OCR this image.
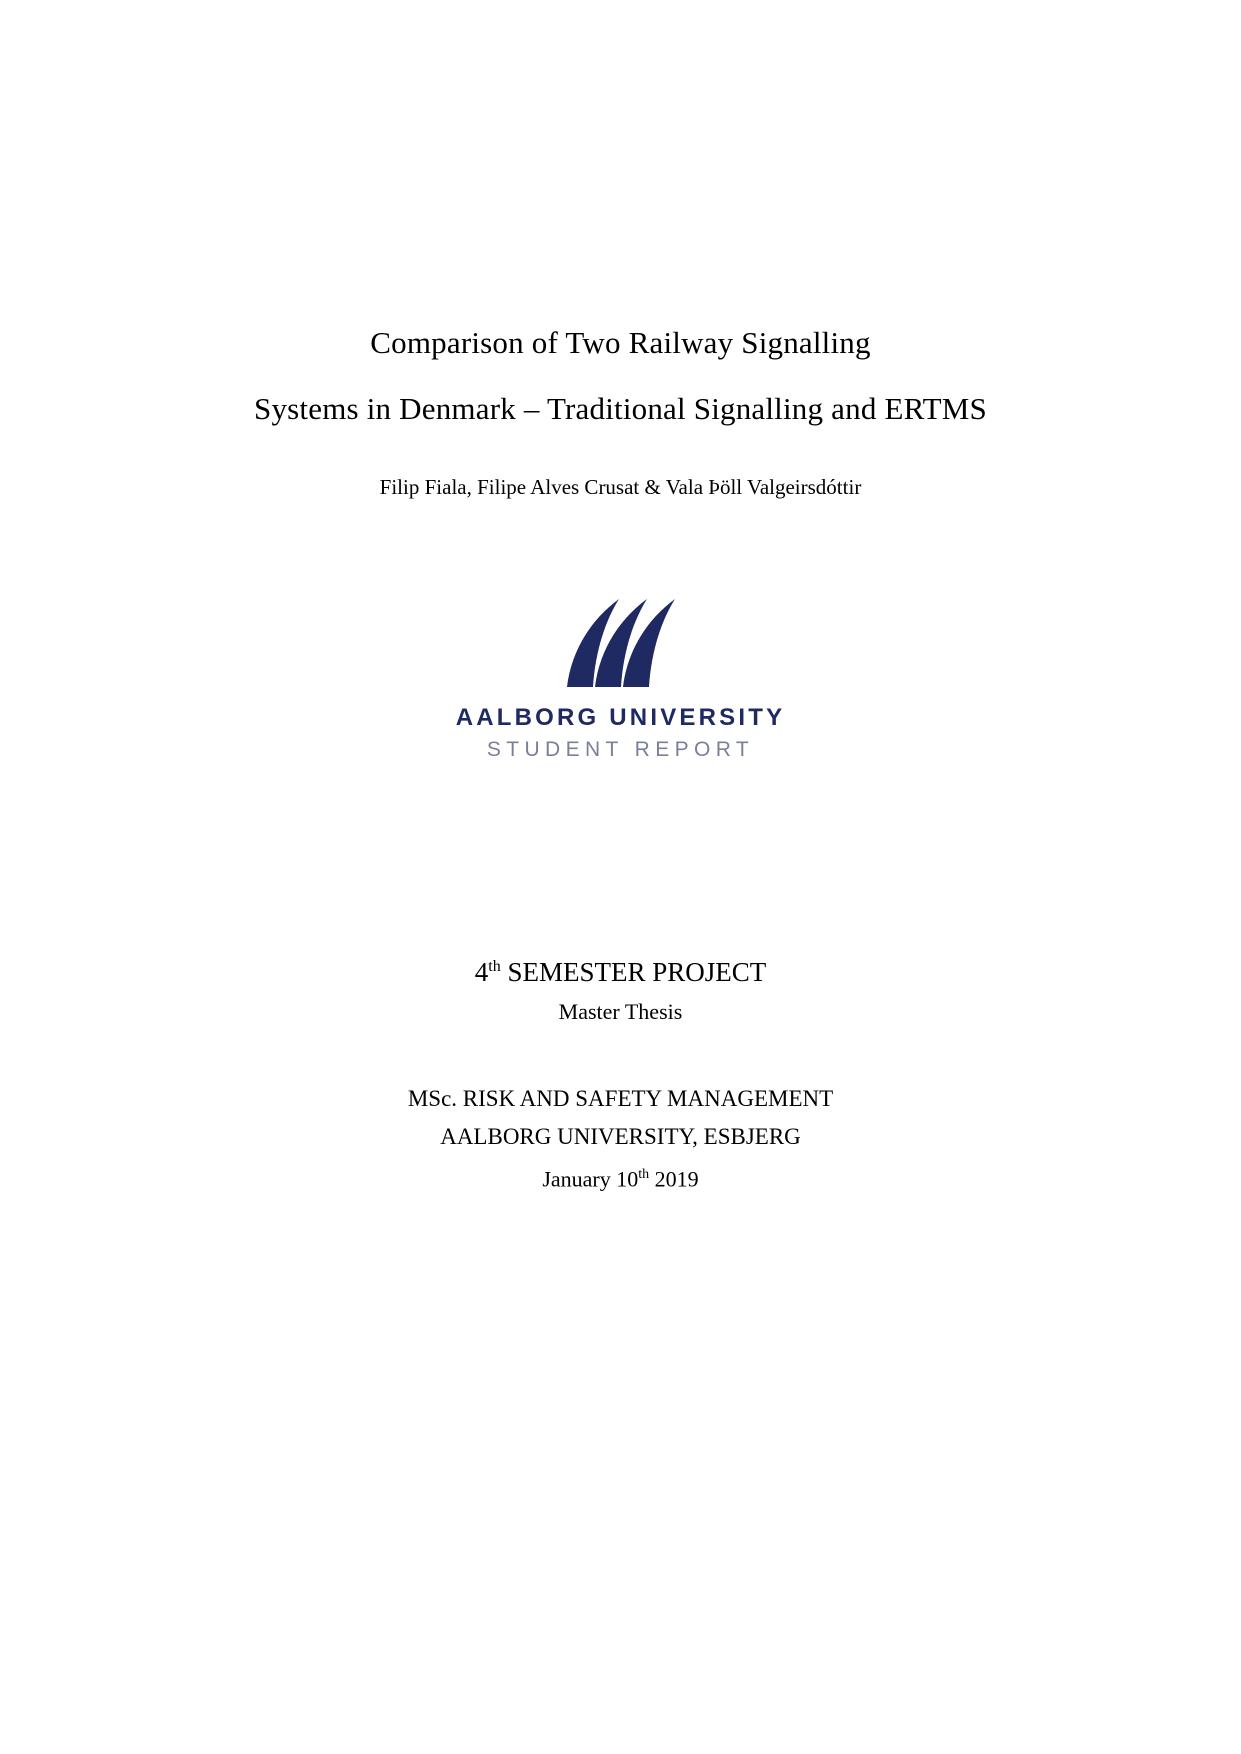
Comparison of Two Railway Signalling
Systems in Denmark – Traditional Signalling and ERTMS
Filip Fiala, Filipe Alves Crusat & Vala Þöll Valgeirsdóttir
AALBORG UNIVERSITY
STUDENT REPORT
4th SEMESTER PROJECT
Master Thesis
MSc. RISK AND SAFETY MANAGEMENT
AALBORG UNIVERSITY, ESBJERG
January 10th 2019
